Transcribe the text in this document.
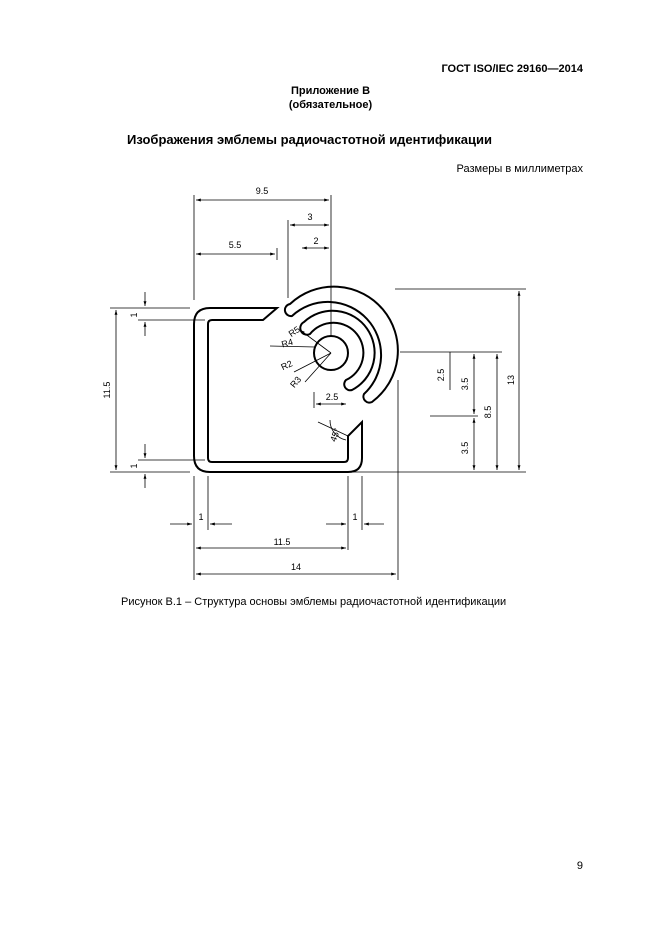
ГОСТ ISO/IEC 29160—2014
Приложение В
(обязательное)
Изображения эмблемы радиочастотной идентификации
Размеры в миллиметрах
9.5
3
2
5.5
11.5
1
1
1	1
11.5
14
13
8.5
3.5
2.5
3.5
2.5
45°
R5
R4
R2
R3
Рисунок В.1 – Структура основы эмблемы радиочастотной идентификации
9
